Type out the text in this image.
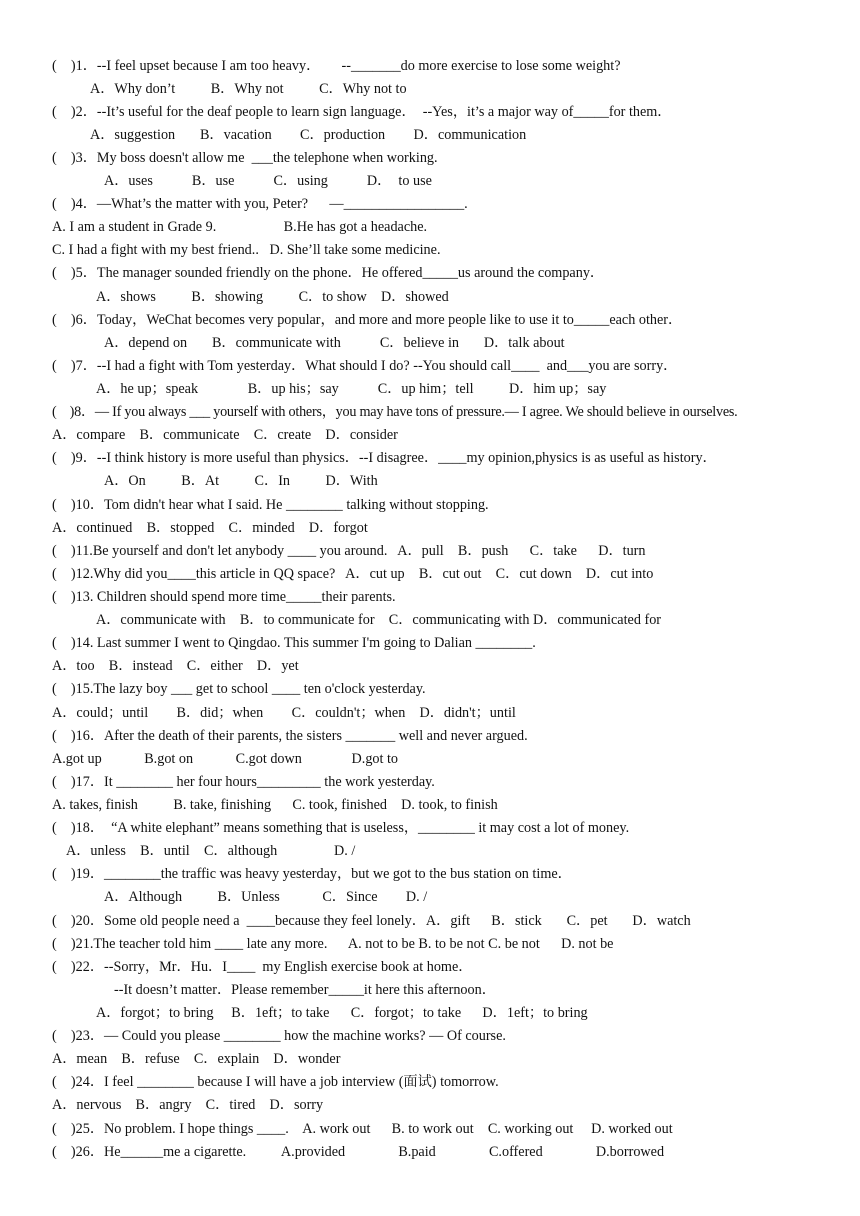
(    )1．--I feel upset because I am too heavy．      --_______do more exercise to lose some weight?
A．Why don’t          B．Why not          C．Why not to
(    )2．--It’s useful for the deaf people to learn sign language．  --Yes，it’s a major way of_____for them．
A．suggestion       B．vacation        C．production        D．communication
(    )3．My boss doesn't allow me  ___the telephone when working.
A．uses           B．use           C．using           D．  to use
(    )4．—What’s the matter with you, Peter?      —_________________.
A. I am a student in Grade 9.                   B.He has got a headache.
C. I had a fight with my best friend..   D. She’ll take some medicine.
(    )5．The manager sounded friendly on the phone．He offered_____us around the company．
A．shows          B．showing          C．to show    D．showed
(    )6．Today，WeChat becomes very popular，and more and more people like to use it to_____each other．
A．depend on       B．communicate with           C．believe in       D．talk about
(    )7．--I had a fight with Tom yesterday．What should I do? --You should call____  and___you are sorry．
A．he up；speak              B．up his；say           C．up him；tell          D．him up；say
(    )8．— If you always ___ yourself with others，you may have tons of pressure.— I agree. We should believe in ourselves.
A．compare    B．communicate    C．create    D．consider
(    )9．--I think history is more useful than physics．--I disagree．____my opinion,physics is as useful as history．
A．On          B．At          C．In          D．With
(    )10．Tom didn't hear what I said. He ________ talking without stopping.
A．continued    B．stopped    C．minded    D．forgot
(    )11.Be yourself and don't let anybody ____ you around.   A．pull    B．push      C．take      D．turn
(    )12.Why did you____this article in QQ space?   A．cut up    B．cut out    C．cut down    D．cut into
(    )13. Children should spend more time_____their parents.
A．communicate with    B．to communicate for    C．communicating with D．communicated for
(    )14. Last summer I went to Qingdao. This summer I'm going to Dalian ________.
A．too    B．instead    C．either    D．yet
(    )15.The lazy boy ___ get to school ____ ten o'clock yesterday.
A．could；until        B．did；when        C．couldn't；when    D．didn't；until
(    )16．After the death of their parents, the sisters _______ well and never argued.
A.got up            B.got on            C.got down              D.got to
(    )17．It ________ her four hours_________ the work yesterday.
A. takes, finish          B. take, finishing      C. took, finished    D. took, to finish
(    )18．  “A white elephant” means something that is useless，________ it may cost a lot of money.
A．unless    B．until    C．although                D. /
(    )19．________the traffic was heavy yesterday，but we got to the bus station on time．
A．Although          B．Unless            C．Since        D. /
(    )20．Some old people need a  ____because they feel lonely．A．gift      B．stick       C．pet       D．watch
(    )21.The teacher told him ____ late any more.      A. not to be B. to be not C. be not      D. not be
(    )22．--Sorry，Mr．Hu．I____  my English exercise book at home．
--It doesn’t matter．Please remember_____it here this afternoon．
A．forgot；to bring     B．1eft；to take      C．forgot；to take      D．1eft；to bring
(    )23．— Could you please ________ how the machine works? — Of course.
A．mean    B．refuse    C．explain    D．wonder
(    )24．I feel ________ because I will have a job interview (面试) tomorrow.
A．nervous    B．angry    C．tired    D．sorry
(    )25．No problem. I hope things ____.    A. work out      B. to work out    C. working out     D. worked out
(    )26．He______me a cigarette.          A.provided               B.paid               C.offered               D.borrowed
